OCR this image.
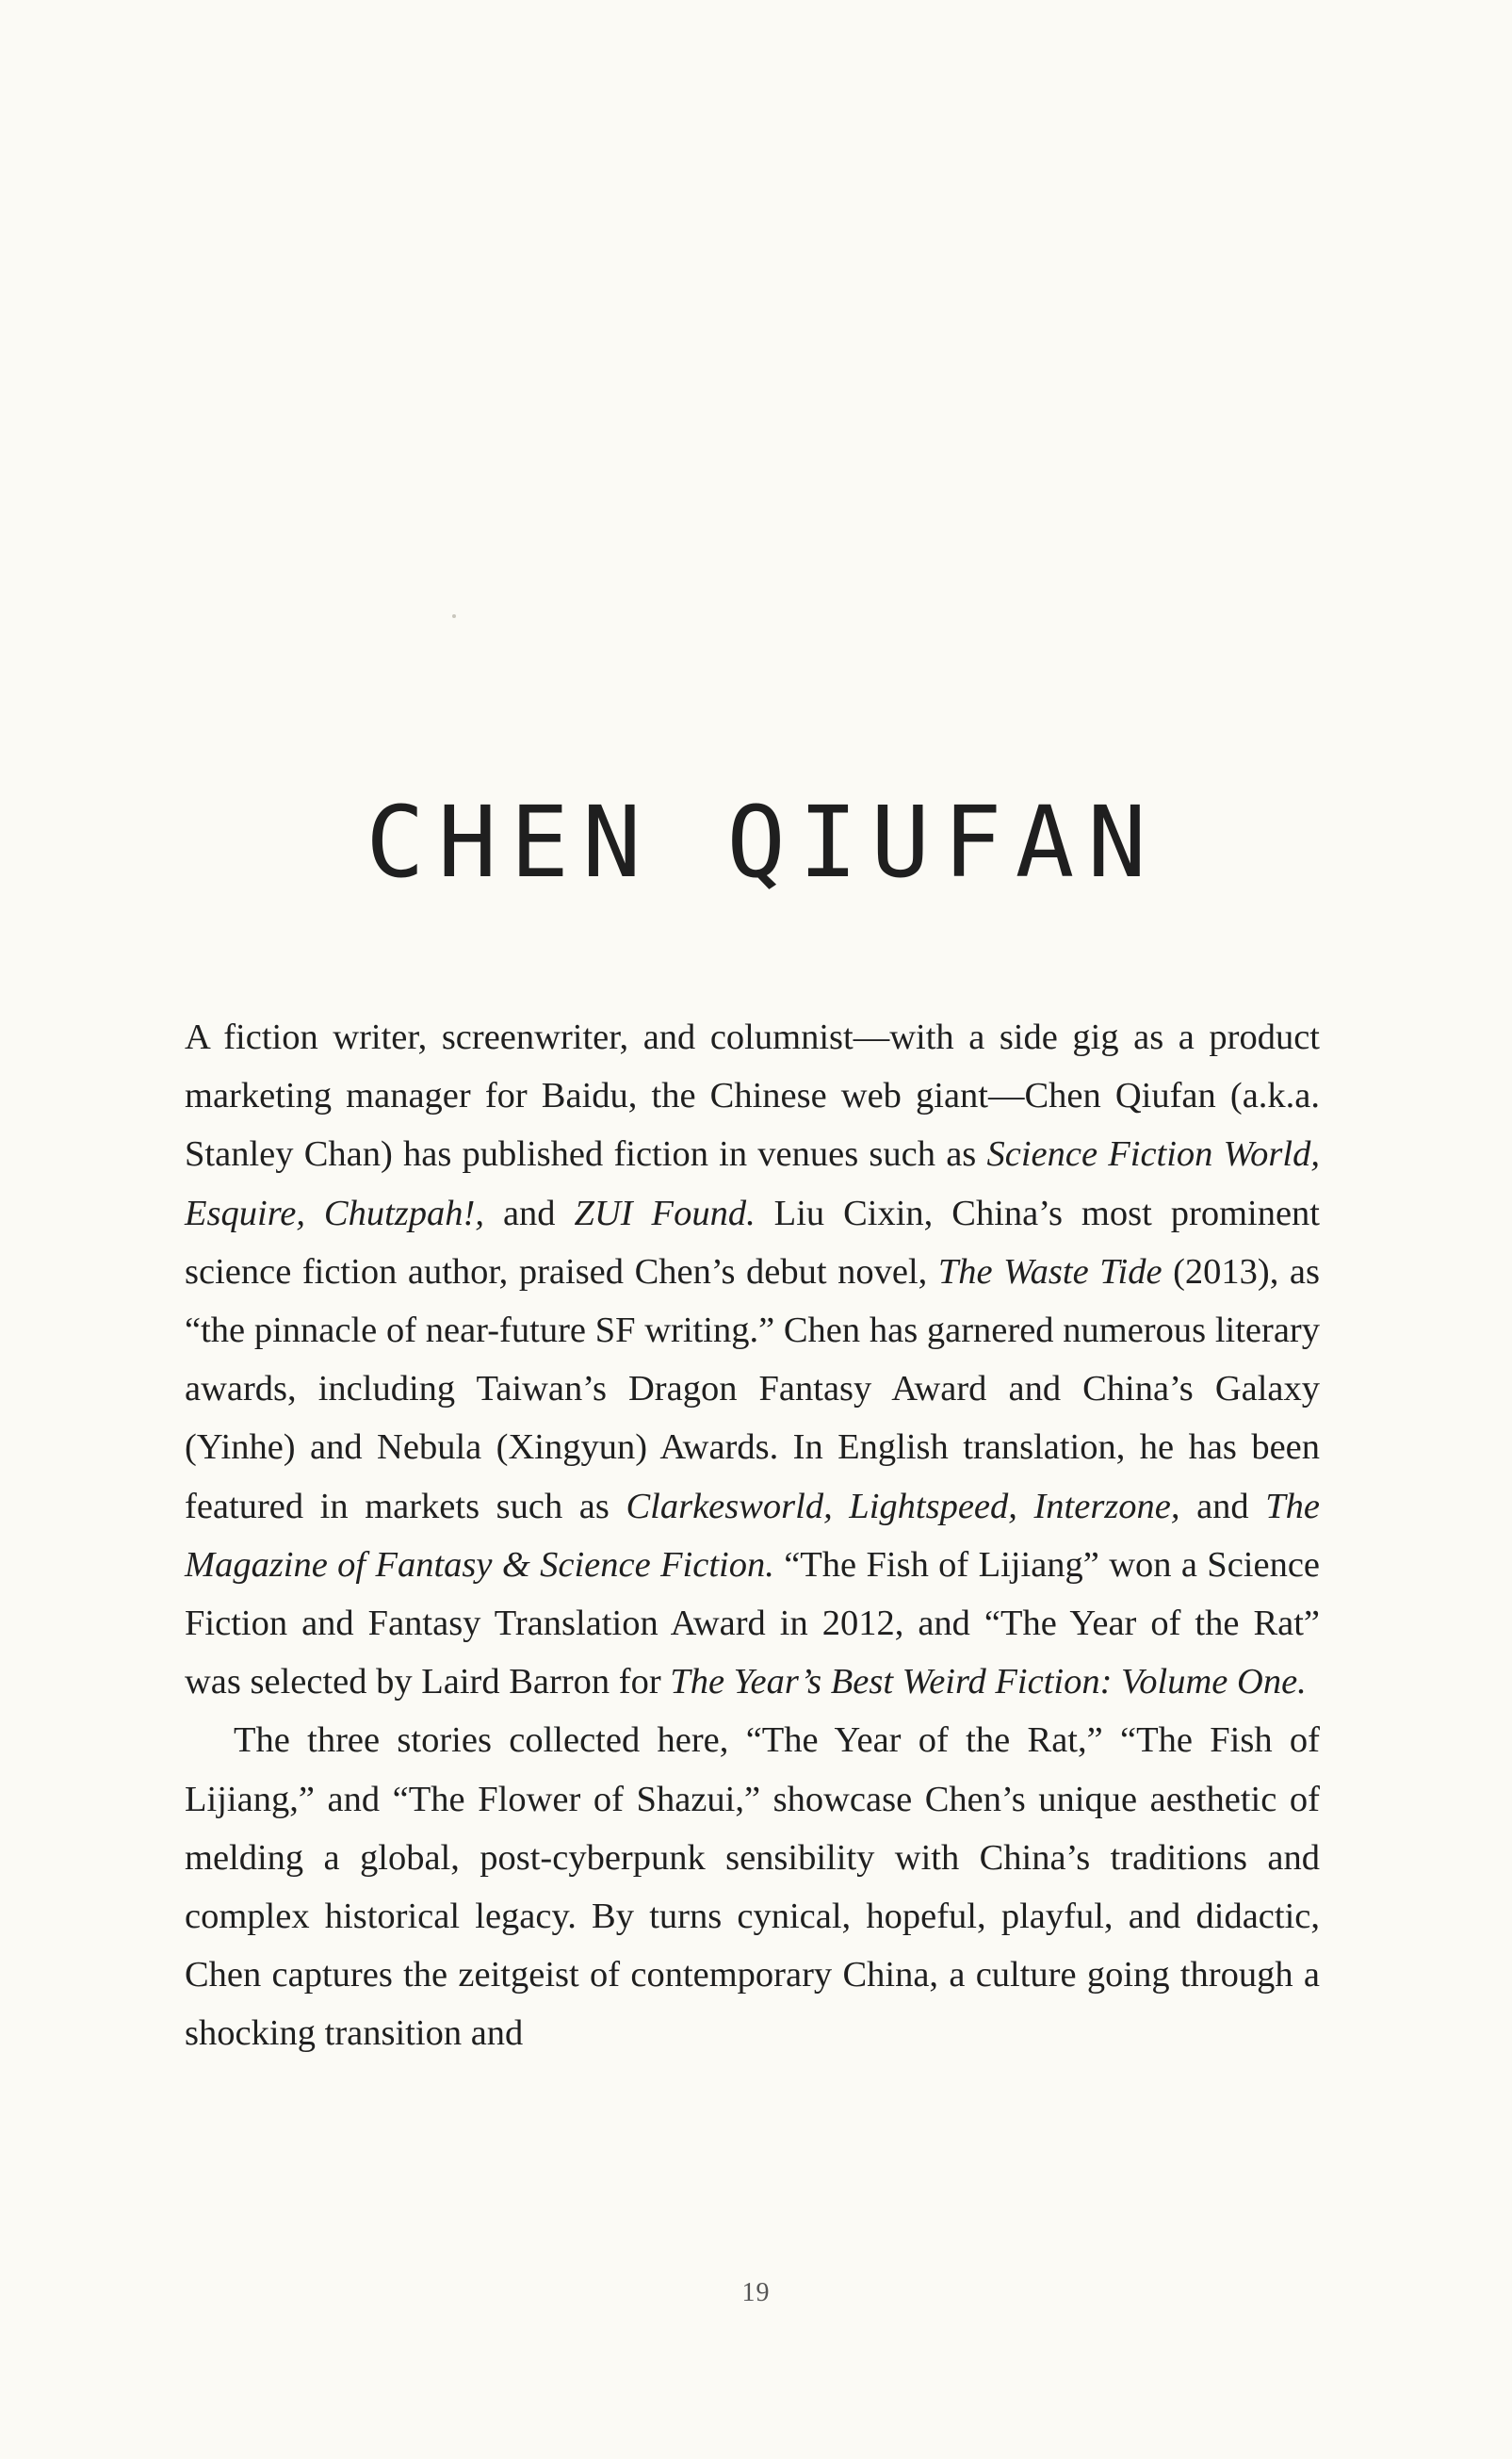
CHEN QIUFAN

A fiction writer, screenwriter, and columnist—with a side gig as a product marketing manager for Baidu, the Chinese web giant—Chen Qiufan (a.k.a. Stanley Chan) has published fiction in venues such as Science Fiction World, Esquire, Chutzpah!, and ZUI Found. Liu Cixin, China’s most prominent science fiction author, praised Chen’s debut novel, The Waste Tide (2013), as “the pinnacle of near-future SF writing.” Chen has garnered numerous literary awards, including Taiwan’s Dragon Fantasy Award and China’s Galaxy (Yinhe) and Nebula (Xingyun) Awards. In English translation, he has been featured in markets such as Clarkesworld, Lightspeed, Interzone, and The Magazine of Fantasy & Science Fiction. “The Fish of Lijiang” won a Science Fiction and Fantasy Translation Award in 2012, and “The Year of the Rat” was selected by Laird Barron for The Year’s Best Weird Fiction: Volume One.

The three stories collected here, “The Year of the Rat,” “The Fish of Lijiang,” and “The Flower of Shazui,” showcase Chen’s unique aesthetic of melding a global, post-cyberpunk sensibility with China’s traditions and complex historical legacy. By turns cynical, hopeful, playful, and didactic, Chen captures the zeitgeist of contemporary China, a culture going through a shocking transition and

19
